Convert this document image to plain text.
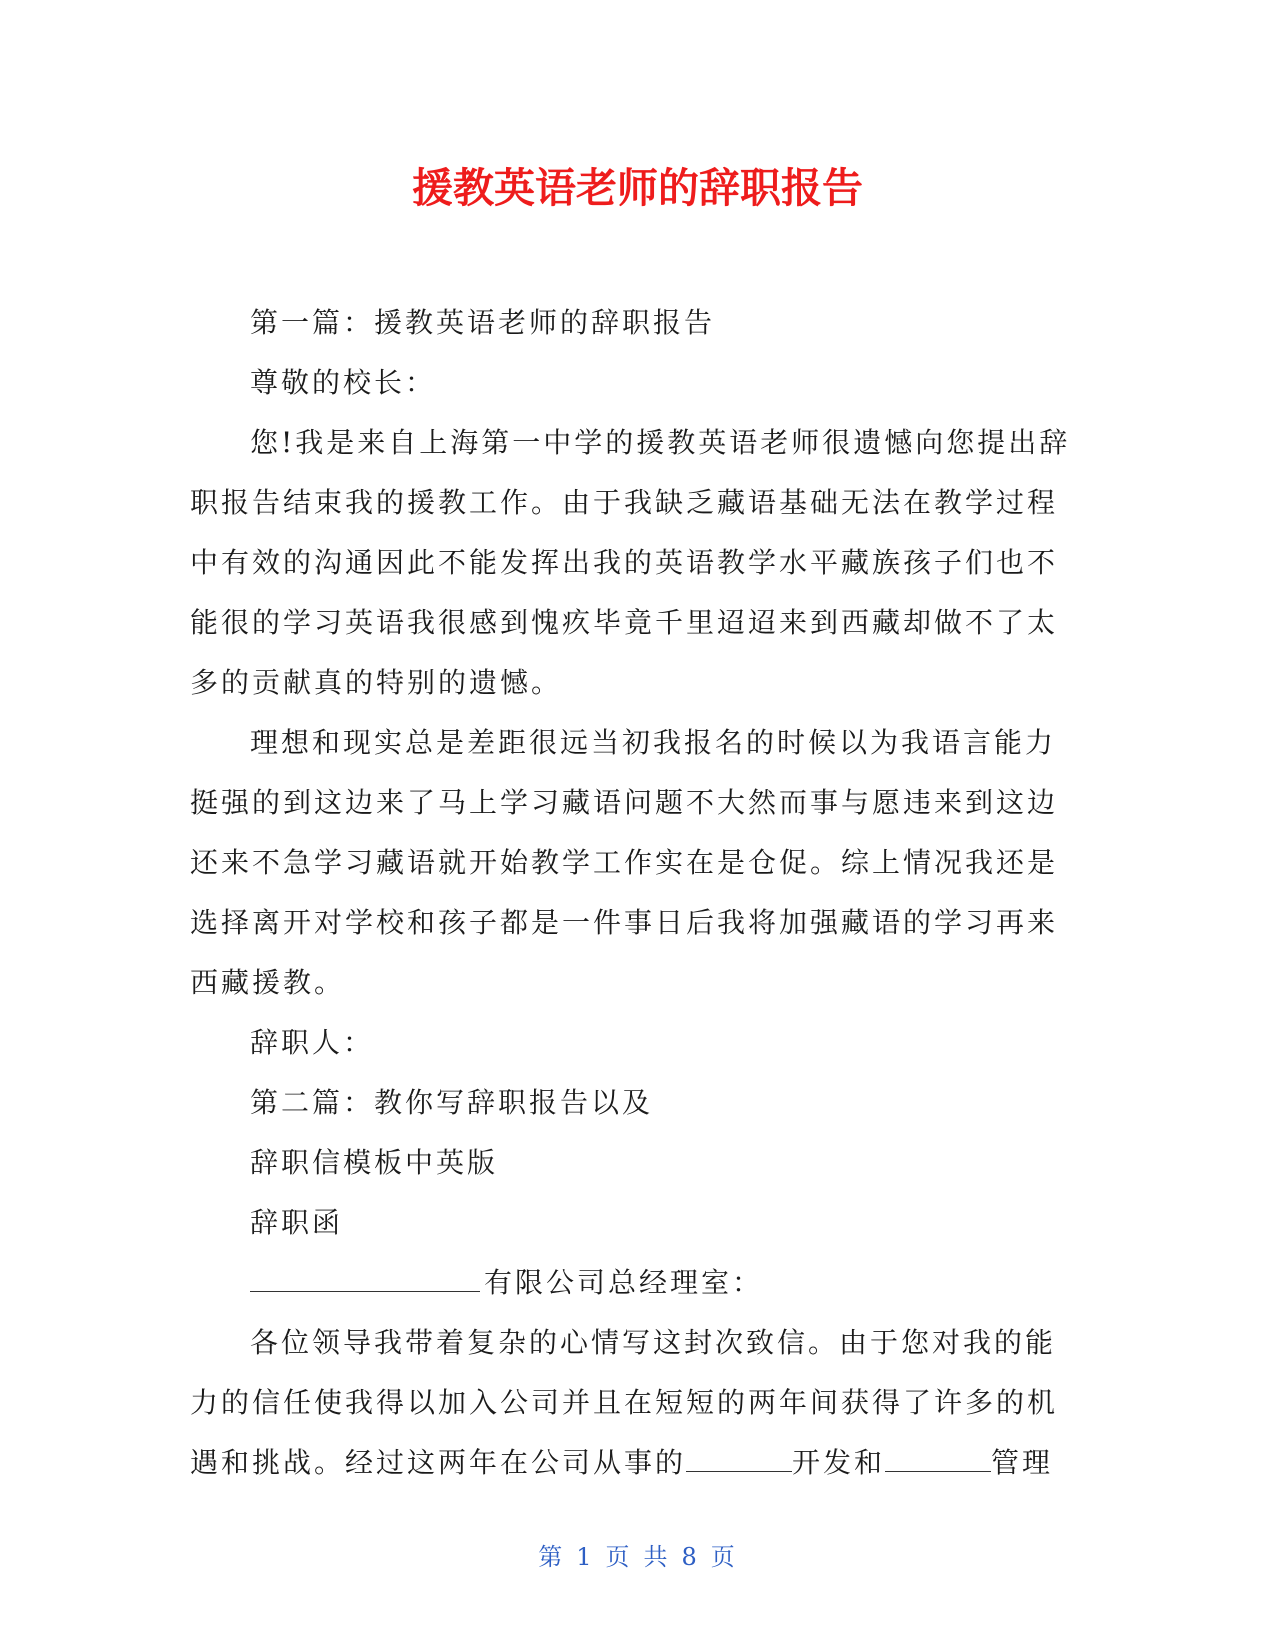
援教英语老师的辞职报告

第一篇：援教英语老师的辞职报告

尊敬的校长：

您!我是来自上海第一中学的援教英语老师很遗憾向您提出辞职报告结束我的援教工作。由于我缺乏藏语基础无法在教学过程中有效的沟通因此不能发挥出我的英语教学水平藏族孩子们也不能很的学习英语我很感到愧疚毕竟千里迢迢来到西藏却做不了太多的贡献真的特别的遗憾。

理想和现实总是差距很远当初我报名的时候以为我语言能力挺强的到这边来了马上学习藏语问题不大然而事与愿违来到这边还来不急学习藏语就开始教学工作实在是仓促。综上情况我还是选择离开对学校和孩子都是一件事日后我将加强藏语的学习再来西藏援教。

辞职人：

第二篇：教你写辞职报告以及

辞职信模板中英版

辞职函

有限公司总经理室：

各位领导我带着复杂的心情写这封次致信。由于您对我的能力的信任使我得以加入公司并且在短短的两年间获得了许多的机遇和挑战。经过这两年在公司从事的	开发和	管理

第 1 页 共 8 页
